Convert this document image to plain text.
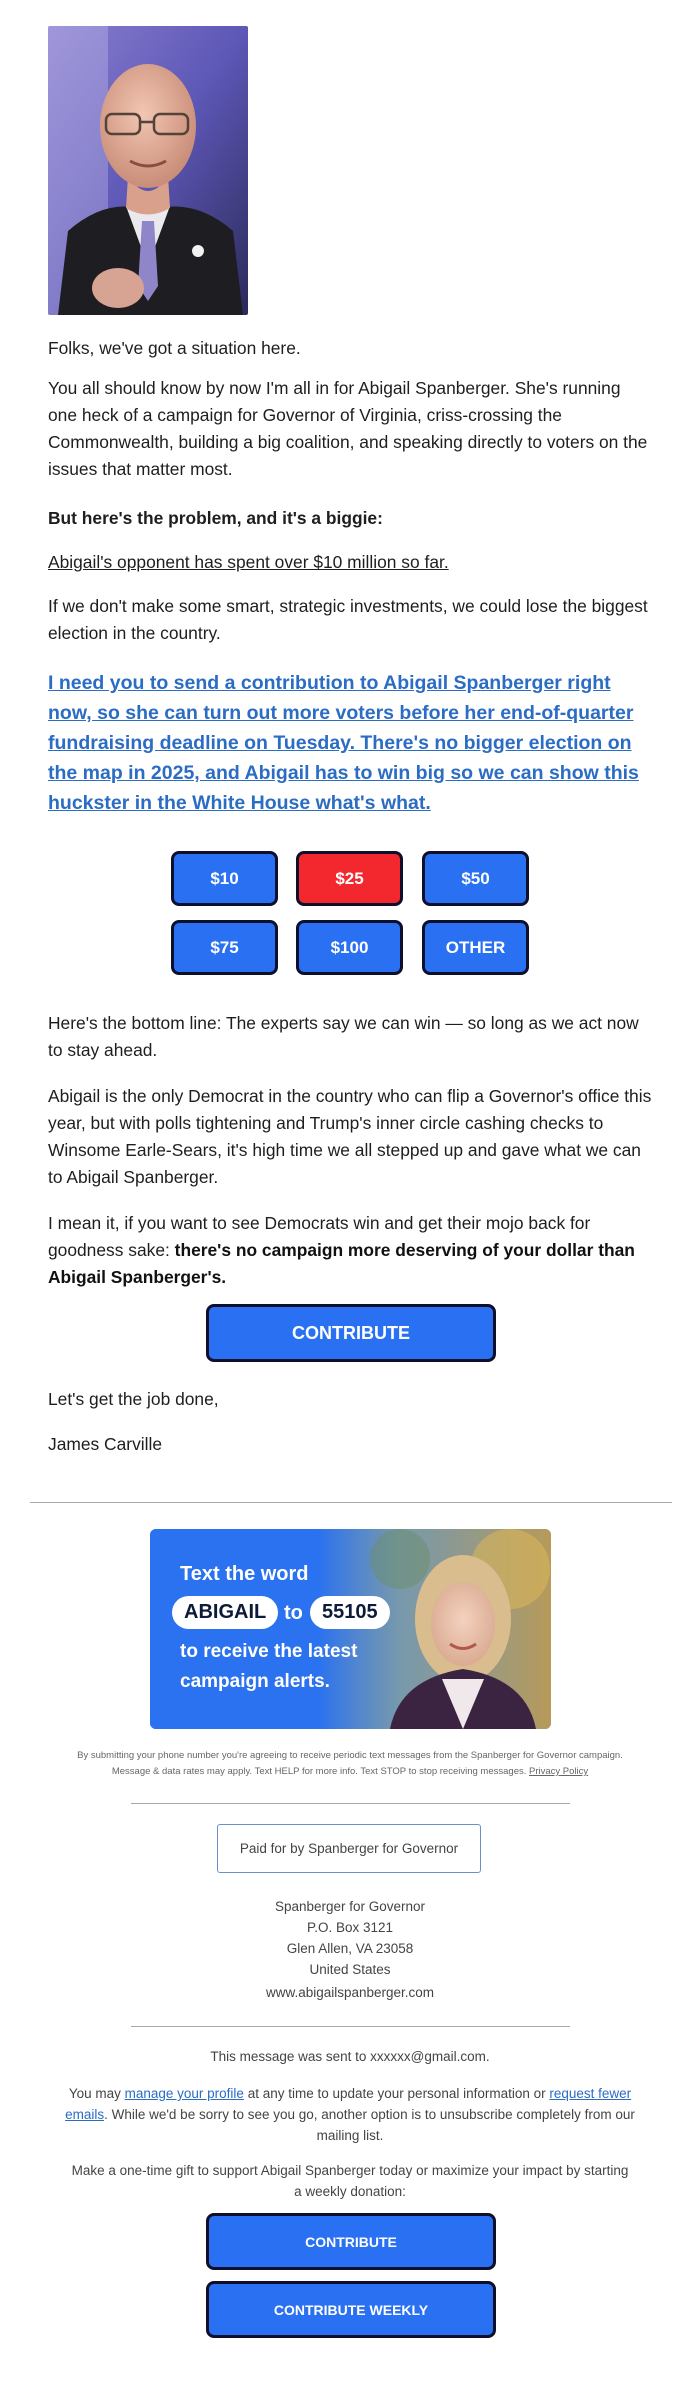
Folks, we've got a situation here.

You all should know by now I'm all in for Abigail Spanberger. She's running one heck of a campaign for Governor of Virginia, criss-crossing the Commonwealth, building a big coalition, and speaking directly to voters on the issues that matter most.

But here's the problem, and it's a biggie:

Abigail's opponent has spent over $10 million so far.

If we don't make some smart, strategic investments, we could lose the biggest election in the country.

I need you to send a contribution to Abigail Spanberger right now, so she can turn out more voters before her end-of-quarter fundraising deadline on Tuesday. There's no bigger election on the map in 2025, and Abigail has to win big so we can show this huckster in the White House what's what.
$10	$25	$50
$75	$100	OTHER

Here's the bottom line: The experts say we can win — so long as we act now to stay ahead.

Abigail is the only Democrat in the country who can flip a Governor's office this year, but with polls tightening and Trump's inner circle cashing checks to Winsome Earle-Sears, it's high time we all stepped up and gave what we can to Abigail Spanberger.

I mean it, if you want to see Democrats win and get their mojo back for goodness sake: there's no campaign more deserving of your dollar than Abigail Spanberger's.

CONTRIBUTE

Let's get the job done,

James Carville

Text the word
ABIGAIL to 55105
to receive the latest
campaign alerts.
By submitting your phone number you're agreeing to receive periodic text messages from the Spanberger for Governor campaign.
Message & data rates may apply. Text HELP for more info. Text STOP to stop receiving messages. Privacy Policy
Paid for by Spanberger for Governor
Spanberger for Governor
P.O. Box 3121
Glen Allen, VA 23058
United States
www.abigailspanberger.com
This message was sent to xxxxxx@gmail.com.
You may manage your profile at any time to update your personal information or request fewer emails. While we'd be sorry to see you go, another option is to unsubscribe completely from our mailing list.
Make a one-time gift to support Abigail Spanberger today or maximize your impact by starting a weekly donation:
CONTRIBUTE
CONTRIBUTE WEEKLY
